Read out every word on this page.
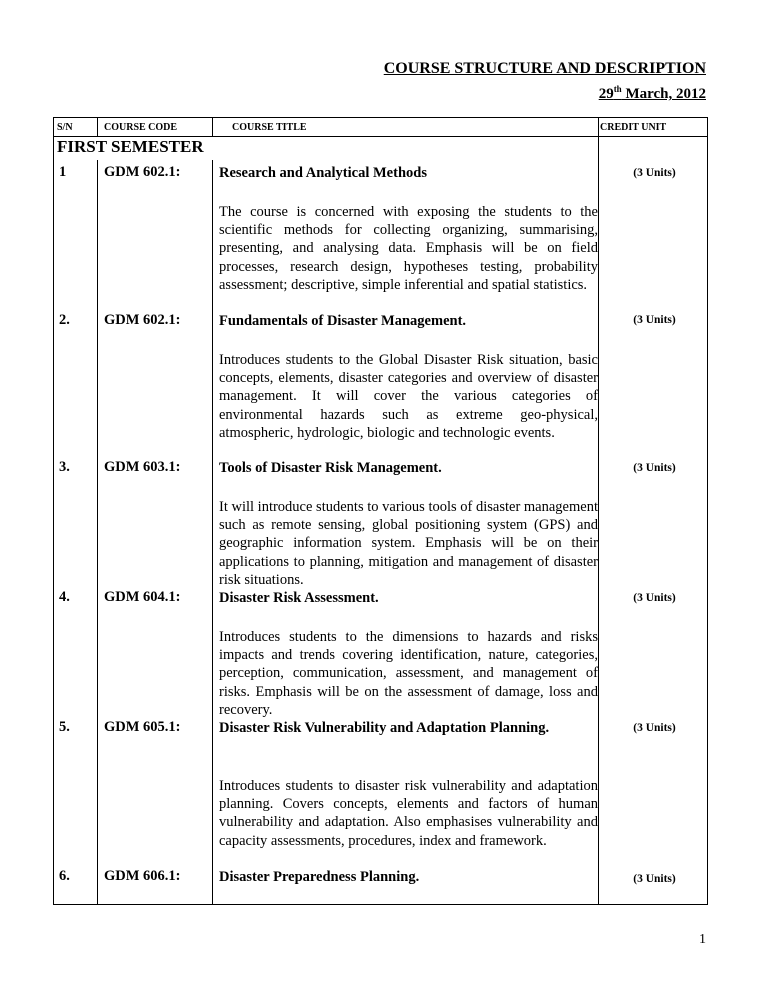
COURSE STRUCTURE AND DESCRIPTION
29th March, 2012
S/N	COURSE CODE	COURSE TITLE	CREDIT UNIT
FIRST SEMESTER
1	GDM 602.1:	Research and Analytical Methods	(3 Units)
The course is concerned with exposing the students to the scientific methods for collecting organizing, summarising, presenting, and analysing data. Emphasis will be on field processes, research design, hypotheses testing, probability assessment; descriptive, simple inferential and spatial statistics.
2. GDM 602.1:	Fundamentals of Disaster Management.	(3 Units)
Introduces students to the Global Disaster Risk situation, basic concepts, elements, disaster categories and overview of disaster management. It will cover the various categories of environmental hazards such as extreme geo-physical, atmospheric, hydrologic, biologic and technologic events.
3. GDM 603.1:	Tools of Disaster Risk Management.	(3 Units)
It will introduce students to various tools of disaster management such as remote sensing, global positioning system (GPS) and geographic information system. Emphasis will be on their applications to planning, mitigation and management of disaster risk situations.
4. GDM 604.1:	Disaster Risk Assessment.	(3 Units)
Introduces students to the dimensions to hazards and risks impacts and trends covering identification, nature, categories, perception, communication, assessment, and management of risks. Emphasis will be on the assessment of damage, loss and recovery.
5. GDM 605.1:	Disaster Risk Vulnerability and Adaptation Planning.	(3 Units)
Introduces students to disaster risk vulnerability and adaptation planning. Covers concepts, elements and factors of human vulnerability and adaptation. Also emphasises vulnerability and capacity assessments, procedures, index and framework.
6. GDM 606.1:	Disaster Preparedness Planning.	(3 Units)
1
